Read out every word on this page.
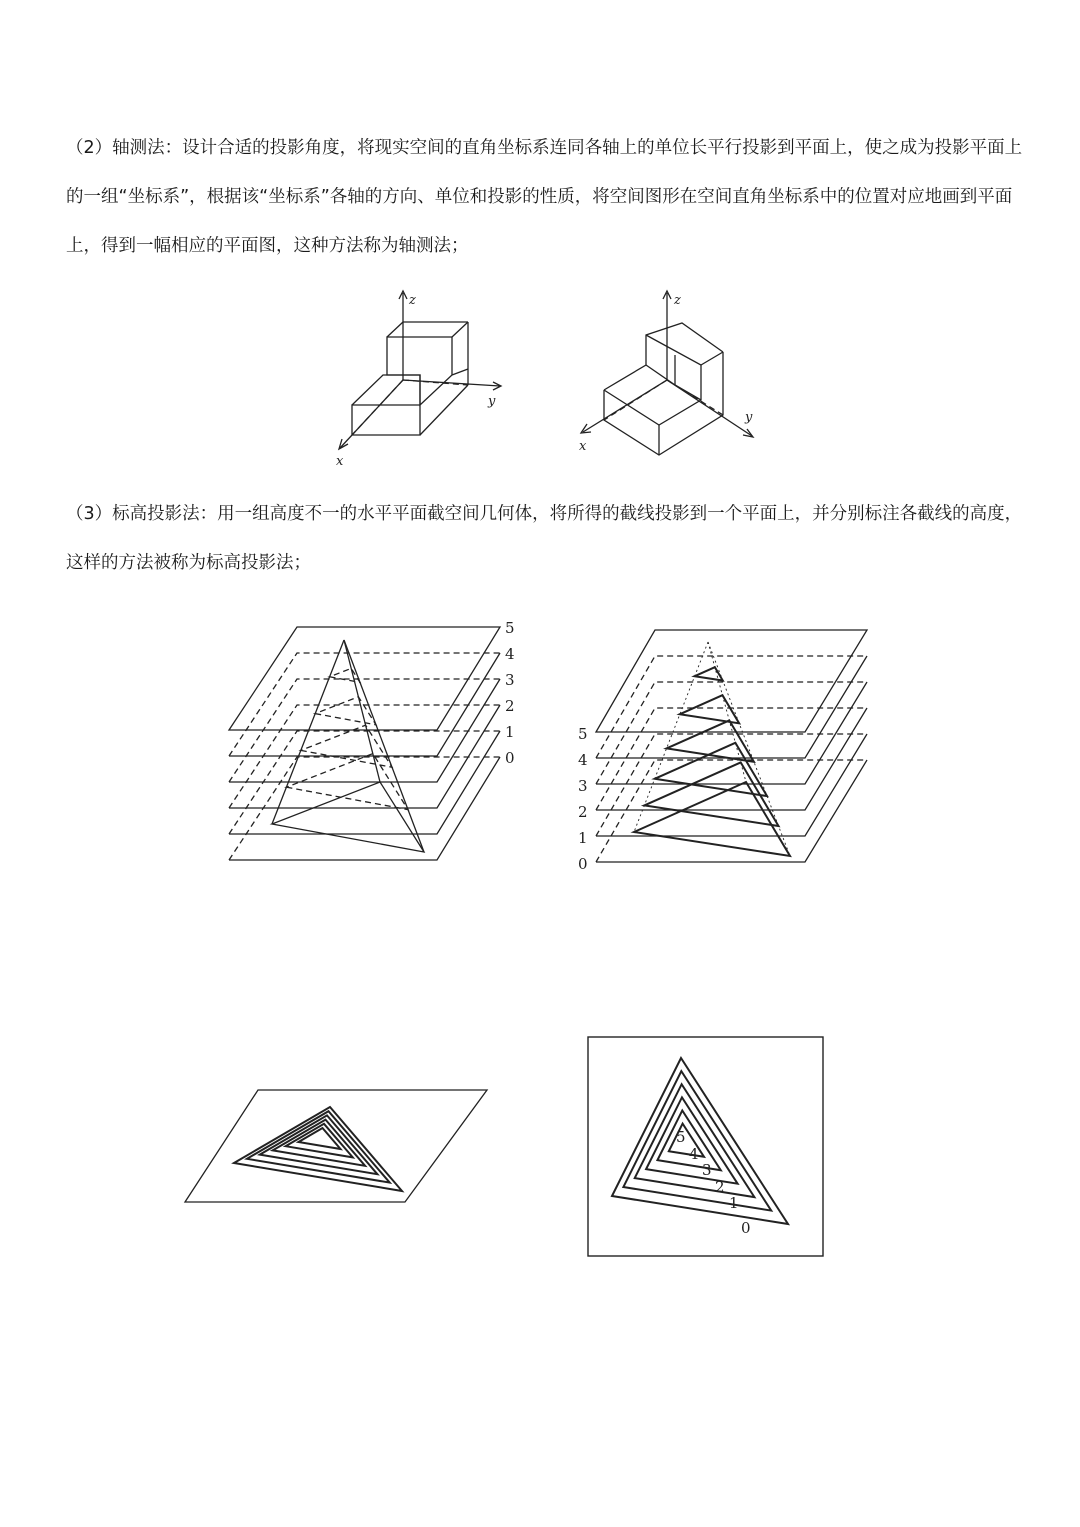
（2）轴测法：设计合适的投影角度，将现实空间的直角坐标系连同各轴上的单位长平行投影到平面上，使之成为投影平面上的一组“坐标系”，根据该“坐标系”各轴的方向、单位和投影的性质，将空间图形在空间直角坐标系中的位置对应地画到平面上，得到一幅相应的平面图，这种方法称为轴测法；

z
y
x
z
y
x

（3）标高投影法：用一组高度不一的水平平面截空间几何体，将所得的截线投影到一个平面上，并分别标注各截线的高度，这样的方法被称为标高投影法；

5
4
3
2
1
0
5
4
3
2
1
0
5
4
3
2
1
0
